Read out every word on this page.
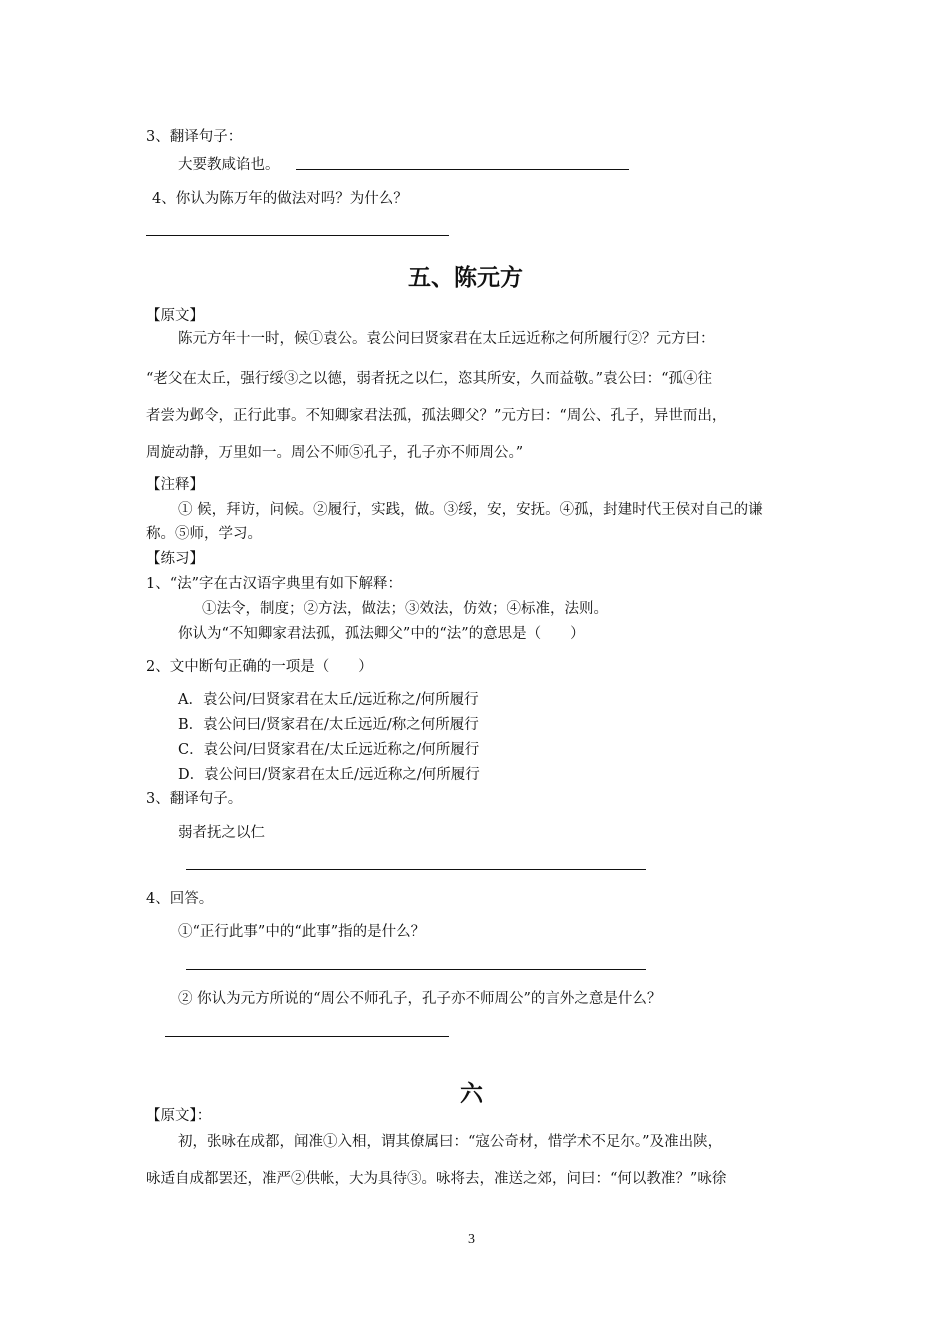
3、翻译句子：
大要教咸谄也。
4、你认为陈万年的做法对吗？为什么？
五、陈元方
【原文】
陈元方年十一时，候①袁公。袁公问曰贤家君在太丘远近称之何所履行②？元方曰：
“老父在太丘，强行绥③之以德，弱者抚之以仁，恣其所安，久而益敬。”袁公曰：“孤④往
者尝为邺令，正行此事。不知卿家君法孤，孤法卿父？”元方曰：“周公、孔子，异世而出，
周旋动静，万里如一。周公不师⑤孔子，孔子亦不师周公。”
【注释】
① 候，拜访，问候。②履行，实践，做。③绥，安，安抚。④孤，封建时代王侯对自己的谦
称。⑤师，学习。
【练习】
1、“法”字在古汉语字典里有如下解释：
①法令，制度；②方法，做法；③效法，仿效；④标准，法则。
你认为“不知卿家君法孤，孤法卿父”中的“法”的意思是（　　）
2、文中断句正确的一项是（　　）
A．袁公问/曰贤家君在太丘/远近称之/何所履行
B．袁公问曰/贤家君在/太丘远近/称之何所履行
C．袁公问/曰贤家君在/太丘远近称之/何所履行
D．袁公问曰/贤家君在太丘/远近称之/何所履行
3、翻译句子。
弱者抚之以仁
4、回答。
①“正行此事”中的“此事”指的是什么？
② 你认为元方所说的“周公不师孔子，孔子亦不师周公”的言外之意是什么？
六
【原文】：
初，张咏在成都，闻准①入相，谓其僚属曰：“寇公奇材，惜学术不足尔。”及准出陕，
咏适自成都罢还，准严②供帐，大为具待③。咏将去，准送之郊，问曰：“何以教准？”咏徐
3
